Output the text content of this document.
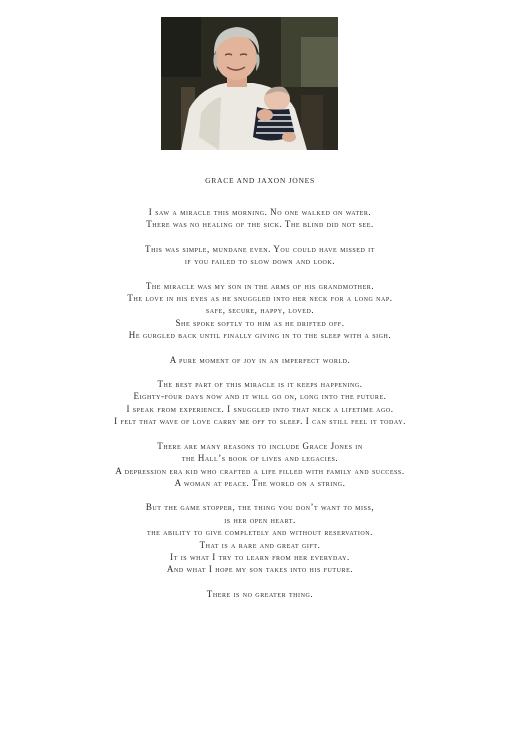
GRACE AND JAXON JONES
I saw a miracle this morning. No one walked on water.
There was no healing of the sick. The blind did not see.
This was simple, mundane even. You could have missed it
if you failed to slow down and look.
The miracle was my son in the arms of his grandmother.
The love in his eyes as he snuggled into her neck for a long nap.
safe, secure, happy, loved.
She spoke softly to him as he drifted off.
He gurgled back until finally giving in to the sleep with a sigh.
A pure moment of joy in an imperfect world.
The best part of this miracle is it keeps happening.
Eighty-four days now and it will go on, long into the future.
I speak from experience. I snuggled into that neck a lifetime ago.
I felt that wave of love carry me off to sleep. I can still feel it today.
There are many reasons to include Grace Jones in
the Hall’s book of lives and legacies.
A depression era kid who crafted a life filled with family and success.
A woman at peace. The world on a string.
But the game stopper, the thing you don’t want to miss,
is her open heart.
the ability to give completely and without reservation.
That is a rare and great gift.
It is what I try to learn from her everyday.
And what I hope my son takes into his future.
There is no greater thing.
